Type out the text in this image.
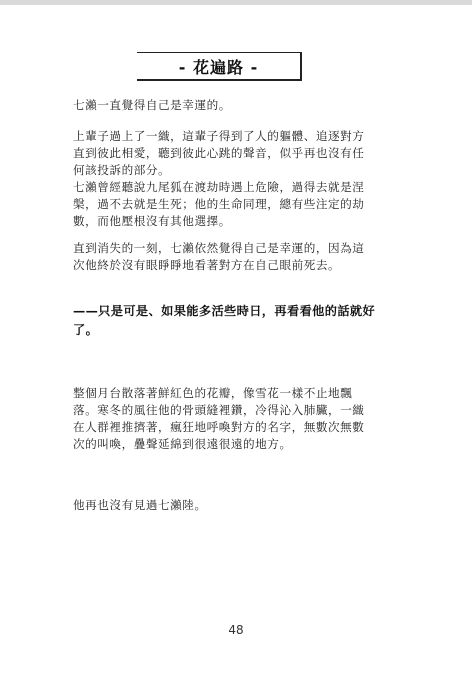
- 花遍路 -

七瀨一直覺得自己是幸運的。

上輩子過上了一織，這輩子得到了人的軀體、追逐對方直到彼此相愛，聽到彼此心跳的聲音，似乎再也沒有任何該投訴的部分。

七瀨曾經聽說九尾狐在渡劫時遇上危險，過得去就是涅槃，過不去就是生死；他的生命同理，總有些注定的劫數，而他壓根沒有其他選擇。

直到消失的一刻，七瀨依然覺得自己是幸運的，因為這次他終於沒有眼睜睜地看著對方在自己眼前死去。

——只是可是、如果能多活些時日，再看看他的話就好了。

整個月台散落著鮮紅色的花瓣，像雪花一樣不止地飄落。寒冬的風往他的骨頭縫裡鑽，冷得沁入肺臟，一織在人群裡推擠著，瘋狂地呼喚對方的名字，無數次無數次的叫喚，疊聲延綿到很遠很遠的地方。

他再也沒有見過七瀨陸。

48
